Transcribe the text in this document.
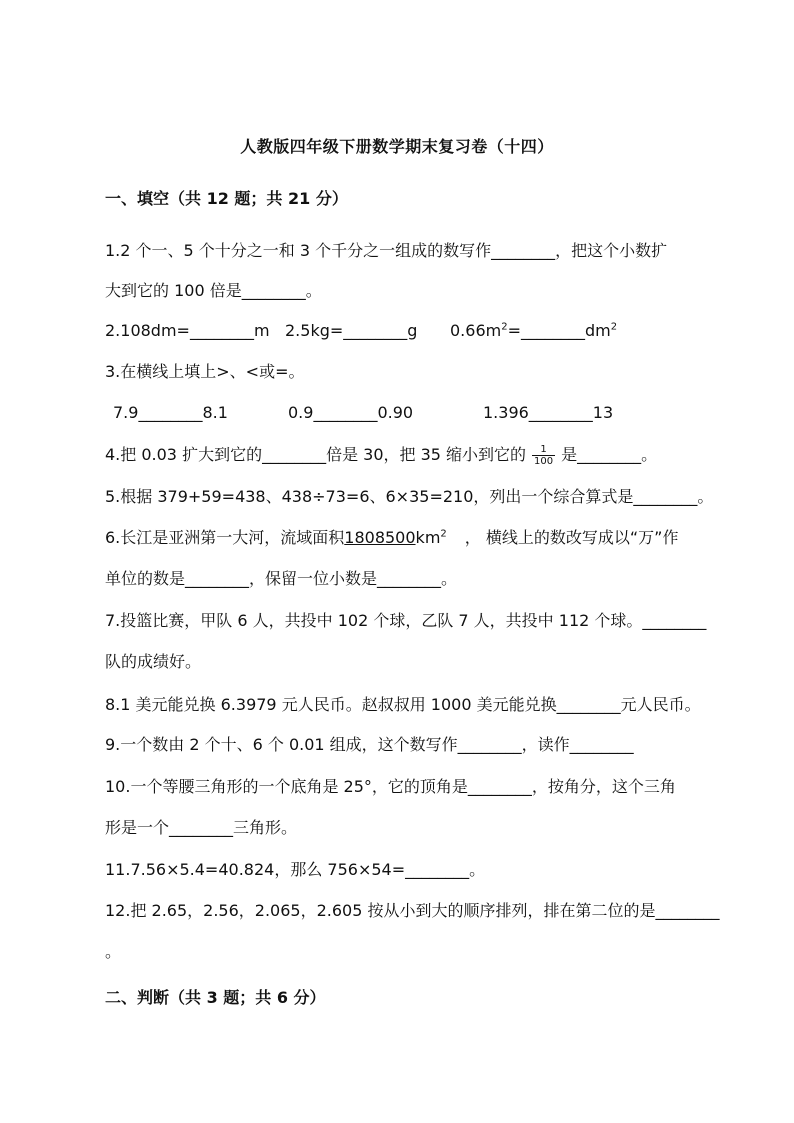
人教版四年级下册数学期末复习卷（十四）
一、填空（共 12 题；共 21 分）
1.2 个一、5 个十分之一和 3 个千分之一组成的数写作________，把这个小数扩
大到它的 100 倍是________。
2.108dm=________m 2.5kg=________g $0.66m^2=\_\_\_\_\_\_\_\_dm^2$
3.在横线上填上>、<或=。
7.9________8.1	0.9________0.90	1.396________13
4.把 0.03 扩大到它的________倍是 30，把 35 缩小到它的 $\frac{1}{100}$ 是________。
5.根据 379+59=438、438÷73=6、6×35=210，列出一个综合算式是________。
6.长江是亚洲第一大河，流域面积$1808500km^2$ ， 横线上的数改写成以“万”作
单位的数是________，保留一位小数是________。
7.投篮比赛，甲队 6 人，共投中 102 个球，乙队 7 人，共投中 112 个球。________
队的成绩好。
8.1 美元能兑换 6.3979 元人民币。赵叔叔用 1000 美元能兑换________元人民币。
9.一个数由 2 个十、6 个 0.01 组成，这个数写作________，读作________
10.一个等腰三角形的一个底角是 25°，它的顶角是________，按角分，这个三角
形是一个________三角形。
11.7.56×5.4=40.824，那么 756×54=________。
12.把 2.65，2.56，2.065，2.605 按从小到大的顺序排列，排在第二位的是________
。
二、判断（共 3 题；共 6 分）
